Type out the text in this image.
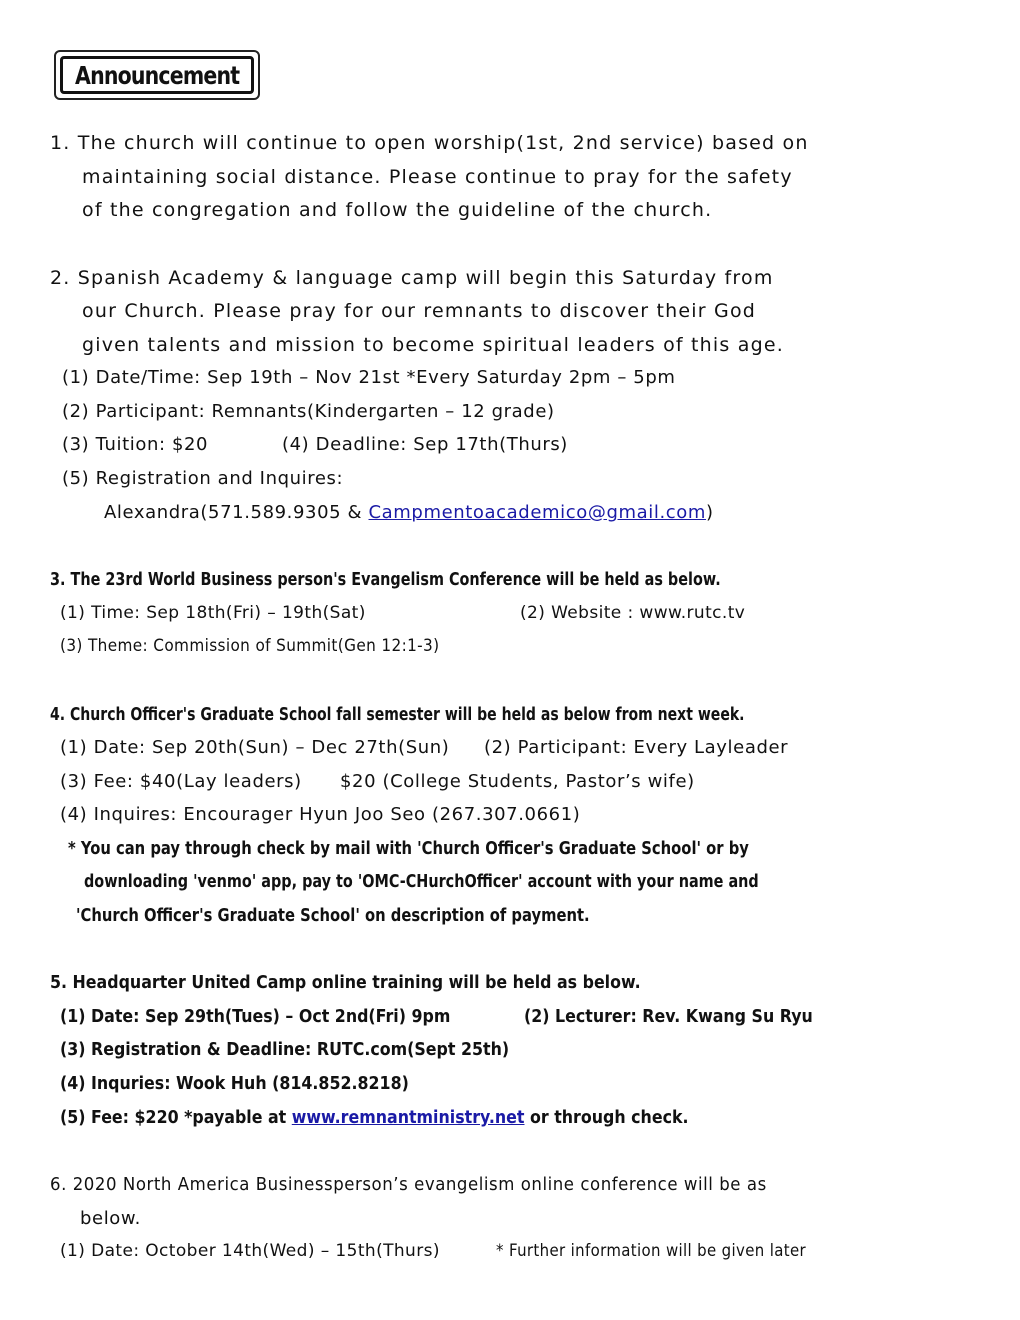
Announcement
1. The church will continue to open worship(1st, 2nd service) based on
maintaining social distance. Please continue to pray for the safety
of the congregation and follow the guideline of the church.
2. Spanish Academy & language camp will begin this Saturday from
our Church. Please pray for our remnants to discover their God
given talents and mission to become spiritual leaders of this age.
(1) Date/Time: Sep 19th – Nov 21st *Every Saturday 2pm – 5pm
(2) Participant: Remnants(Kindergarten – 12 grade)
(3) Tuition: $20	(4) Deadline: Sep 17th(Thurs)
(5) Registration and Inquires:
Alexandra(571.589.9305 & Campmentoacademico@gmail.com)
3. The 23rd World Business person's Evangelism Conference will be held as below.
(1) Time: Sep 18th(Fri) – 19th(Sat)	(2) Website : www.rutc.tv
(3) Theme: Commission of Summit(Gen 12:1-3)
4. Church Officer's Graduate School fall semester will be held as below from next week.
(1) Date: Sep 20th(Sun) – Dec 27th(Sun) (2) Participant: Every Layleader
(3) Fee: $40(Lay leaders) $20 (College Students, Pastor’s wife)
(4) Inquires: Encourager Hyun Joo Seo (267.307.0661)
* You can pay through check by mail with 'Church Officer's Graduate School' or by
downloading 'venmo' app, pay to 'OMC-CHurchOfficer' account with your name and
'Church Officer's Graduate School' on description of payment.
5. Headquarter United Camp online training will be held as below.
(1) Date: Sep 29th(Tues) – Oct 2nd(Fri) 9pm	(2) Lecturer: Rev. Kwang Su Ryu
(3) Registration & Deadline: RUTC.com(Sept 25th)
(4) Inquries: Wook Huh (814.852.8218)
(5) Fee: $220 *payable at www.remnantministry.net or through check.
6. 2020 North America Businessperson’s evangelism online conference will be as
below.
(1) Date: October 14th(Wed) – 15th(Thurs)	* Further information will be given later
